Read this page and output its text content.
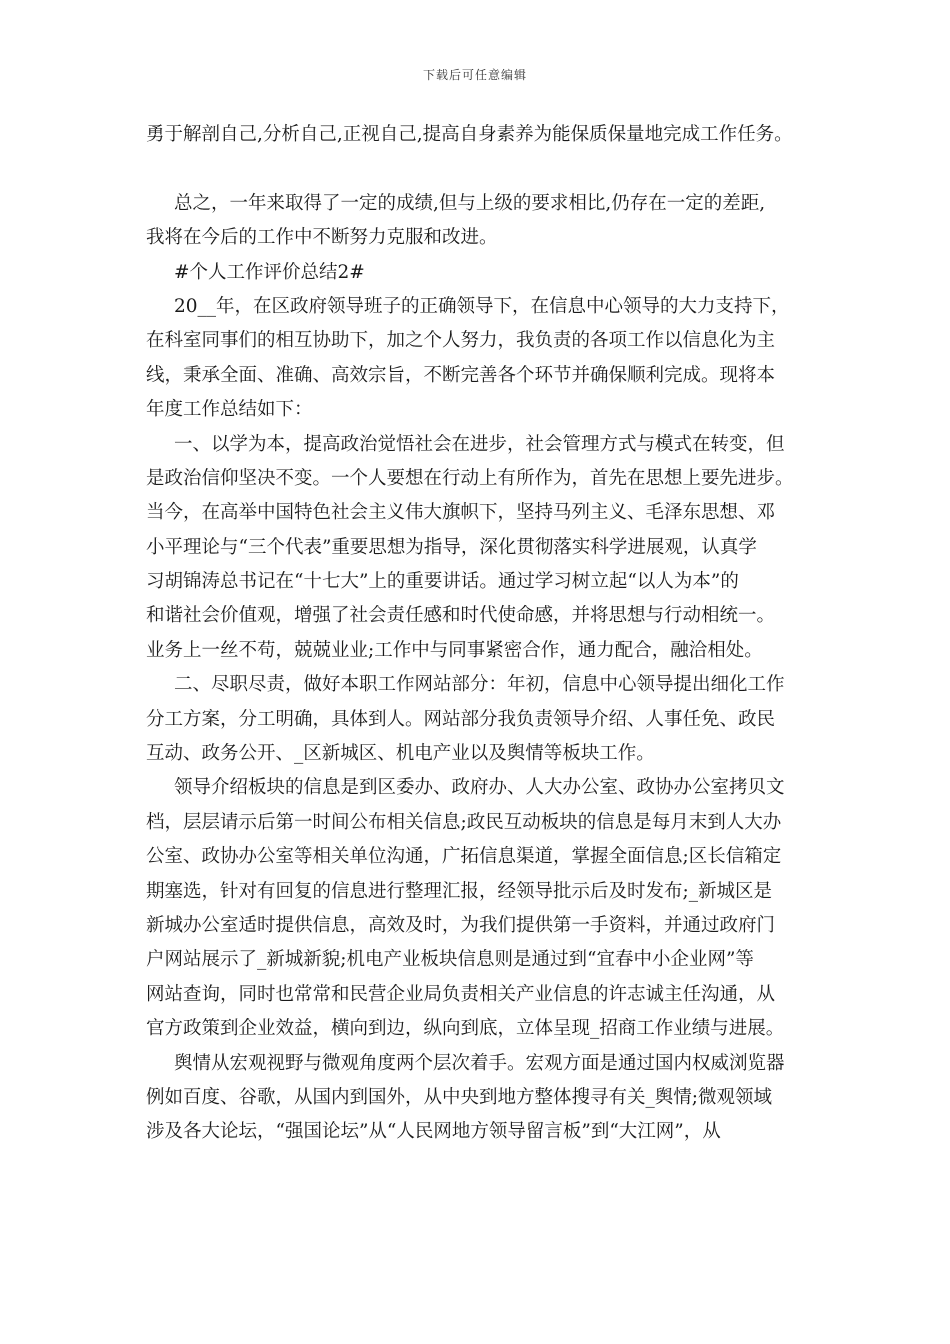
下载后可任意编辑
勇于解剖自己,分析自己,正视自己,提高自身素养为能保质保量地完成工作任务。
总之，一年来取得了一定的成绩,但与上级的要求相比,仍存在一定的差距,
我将在今后的工作中不断努力克服和改进。
#个人工作评价总结2#
20__年，在区政府领导班子的正确领导下，在信息中心领导的大力支持下，
在科室同事们的相互协助下，加之个人努力，我负责的各项工作以信息化为主
线，秉承全面、准确、高效宗旨，不断完善各个环节并确保顺利完成。现将本
年度工作总结如下：
一、以学为本，提高政治觉悟社会在进步，社会管理方式与模式在转变，但
是政治信仰坚决不变。一个人要想在行动上有所作为，首先在思想上要先进步。
当今，在高举中国特色社会主义伟大旗帜下，坚持马列主义、毛泽东思想、邓
小平理论与“三个代表”重要思想为指导，深化贯彻落实科学进展观，认真学
习胡锦涛总书记在“十七大”上的重要讲话。通过学习树立起“以人为本”的
和谐社会价值观，增强了社会责任感和时代使命感，并将思想与行动相统一。
业务上一丝不苟，兢兢业业;工作中与同事紧密合作，通力配合，融洽相处。
二、尽职尽责，做好本职工作网站部分：年初，信息中心领导提出细化工作
分工方案，分工明确，具体到人。网站部分我负责领导介绍、人事任免、政民
互动、政务公开、_区新城区、机电产业以及舆情等板块工作。
领导介绍板块的信息是到区委办、政府办、人大办公室、政协办公室拷贝文
档，层层请示后第一时间公布相关信息;政民互动板块的信息是每月末到人大办
公室、政协办公室等相关单位沟通，广拓信息渠道，掌握全面信息;区长信箱定
期塞选，针对有回复的信息进行整理汇报，经领导批示后及时发布;_新城区是
新城办公室适时提供信息，高效及时，为我们提供第一手资料，并通过政府门
户网站展示了_新城新貌;机电产业板块信息则是通过到“宜春中小企业网”等
网站查询，同时也常常和民营企业局负责相关产业信息的许志诚主任沟通，从
官方政策到企业效益，横向到边，纵向到底，立体呈现_招商工作业绩与进展。
舆情从宏观视野与微观角度两个层次着手。宏观方面是通过国内权威浏览器
例如百度、谷歌，从国内到国外，从中央到地方整体搜寻有关_舆情;微观领域
涉及各大论坛，“强国论坛”从“人民网地方领导留言板”到“大江网”，从
